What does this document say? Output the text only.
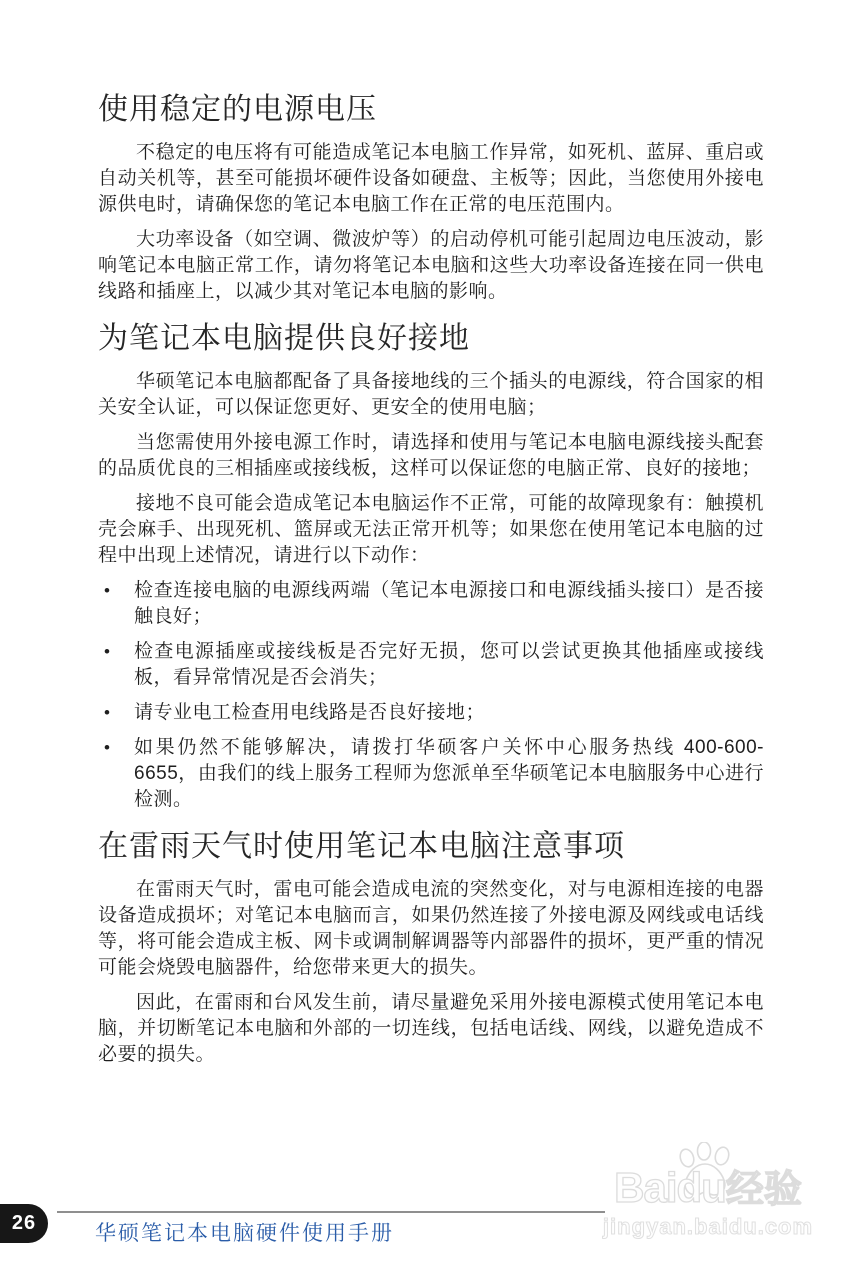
使用稳定的电源电压

不稳定的电压将有可能造成笔记本电脑工作异常，如死机、蓝屏、重启或自动关机等，甚至可能损坏硬件设备如硬盘、主板等；因此，当您使用外接电源供电时，请确保您的笔记本电脑工作在正常的电压范围内。

大功率设备（如空调、微波炉等）的启动停机可能引起周边电压波动，影响笔记本电脑正常工作，请勿将笔记本电脑和这些大功率设备连接在同一供电线路和插座上，以减少其对笔记本电脑的影响。

为笔记本电脑提供良好接地

华硕笔记本电脑都配备了具备接地线的三个插头的电源线，符合国家的相关安全认证，可以保证您更好、更安全的使用电脑；

当您需使用外接电源工作时，请选择和使用与笔记本电脑电源线接头配套的品质优良的三相插座或接线板，这样可以保证您的电脑正常、良好的接地；

接地不良可能会造成笔记本电脑运作不正常，可能的故障现象有：触摸机壳会麻手、出现死机、篮屏或无法正常开机等；如果您在使用笔记本电脑的过程中出现上述情况，请进行以下动作：

•	检查连接电脑的电源线两端（笔记本电源接口和电源线插头接口）是否接触良好；
•	检查电源插座或接线板是否完好无损，您可以尝试更换其他插座或接线板，看异常情况是否会消失；
•	请专业电工检查用电线路是否良好接地；
•	如果仍然不能够解决，请拨打华硕客户关怀中心服务热线 400-600-6655，由我们的线上服务工程师为您派单至华硕笔记本电脑服务中心进行检测。
在雷雨天气时使用笔记本电脑注意事项

在雷雨天气时，雷电可能会造成电流的突然变化，对与电源相连接的电器设备造成损坏；对笔记本电脑而言，如果仍然连接了外接电源及网线或电话线等，将可能会造成主板、网卡或调制解调器等内部器件的损坏，更严重的情况可能会烧毁电脑器件，给您带来更大的损失。

因此，在雷雨和台风发生前，请尽量避免采用外接电源模式使用笔记本电脑，并切断笔记本电脑和外部的一切连线，包括电话线、网线，以避免造成不必要的损失。

Baidu经验
jingyan.baidu.com
26	华硕笔记本电脑硬件使用手册
